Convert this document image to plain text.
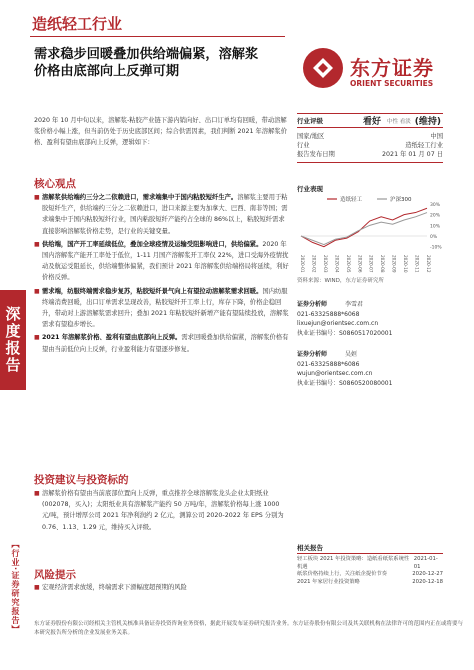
深度报告
【行业·证券研究报告】
造纸轻工行业
需求稳步回暖叠加供给端偏紧，溶解浆
价格由底部向上反弹可期	东方证券
ORIENT SECURITIES
2020 年 10 月中旬以来，溶解浆-粘胶产业链下游内销向好、出口订单均有回暖，带动溶解浆价格小幅上涨，但当前仍处于历史底部区间；综合供需因素，我们判断 2021 年溶解浆价格、盈利有望由底部向上反弹，逻辑如下：
核心观点
■ 溶解浆供给端约三分之二依赖进口，需求端集中于国内粘胶短纤生产。溶解浆主要用于粘胶短纤生产，供给端约三分之二依赖进口，进口来源主要为加拿大、巴西、南非等国；需求端集中于国内粘胶短纤行业，国内粘胶短纤产能约占全球的 86%以上，粘胶短纤需求直接影响溶解浆价格走势，是行业的关键变量。
■ 供给端，国产开工率延续低位，叠加全球疫情及运输受阻影响进口，供给偏紧。2020 年国内溶解浆产能开工率处于低位，1-11 月国产溶解浆开工率仅 22%，进口受海外疫情扰动及航运受阻延长，供给端整体偏紧，我们预计 2021 年溶解浆供给端格局将延续，利好价格反弹。
■ 需求端，纺服终端需求稳步复苏，粘胶短纤景气向上有望拉动溶解浆需求回暖。国内纺服终端消费回暖，出口订单需求呈现改善，粘胶短纤开工率上行，库存下降，价格企稳回升，带动对上游溶解浆需求回升；叠加 2021 年粘胶短纤新增产能有望陆续投放，溶解浆需求有望稳步增长。
■ 2021 年溶解浆价格、盈利有望由底部向上反弹。需求回暖叠加供给偏紧，溶解浆价格有望由当前低位向上反弹，行业盈利能力有望逐步修复。
投资建议与投资标的
■ 溶解浆价格有望由当前底部位置向上反弹，重点推荐全球溶解浆龙头企业太阳纸业(002078，买入)；太阳纸业具有溶解浆产能约 50 万吨/年，溶解浆价格每上涨 1000 元/吨，预计增厚公司 2021 年净利润约 2 亿元，测算公司 2020-2022 年 EPS 分别为 0.76、1.13、1.29 元，维持买入评级。
风险提示
■ 宏观经济需求放缓，终端需求下滑幅度超预期的风险
行业评级	看好 中性 看淡 (维持)
国家/地区	中国
行业	造纸轻工行业
报告发布日期	2021 年 01 月 07 日
行业表现
造纸轻工	沪深300
-10%
0%
10%
20%
30%
2020-01 2020-02 2020-03 2020-04 2020-05 2020-06 2020-07 2020-08 2020-09 2020-10 2020-11 2020-12
资料来源：WIND，东方证券研究所
证券分析师	李雪君
021-63325888*6068
lixuejun@orientsec.com.cn
执业证书编号：S0860517020001
证券分析师	吴姮
021-63325888*6086
wujun@orientsec.com.cn
执业证书编号：S0860520080001
相关报告
轻工板块 2021 年投资策略：造纸看纸浆系统性机遇
2021-01-01
纸浆价格持续上行，关注纸企提价节奏	2020-12-27
2021 年家居行业投资策略	2020-12-18
东方证券股份有限公司经相关主管机关核准具备证券投资咨询业务资格，据此开展发布证券研究报告业务。东方证券股份有限公司及其关联机构在法律许可的范围内正在或将要与本研究报告所分析的企业发展业务关系。
